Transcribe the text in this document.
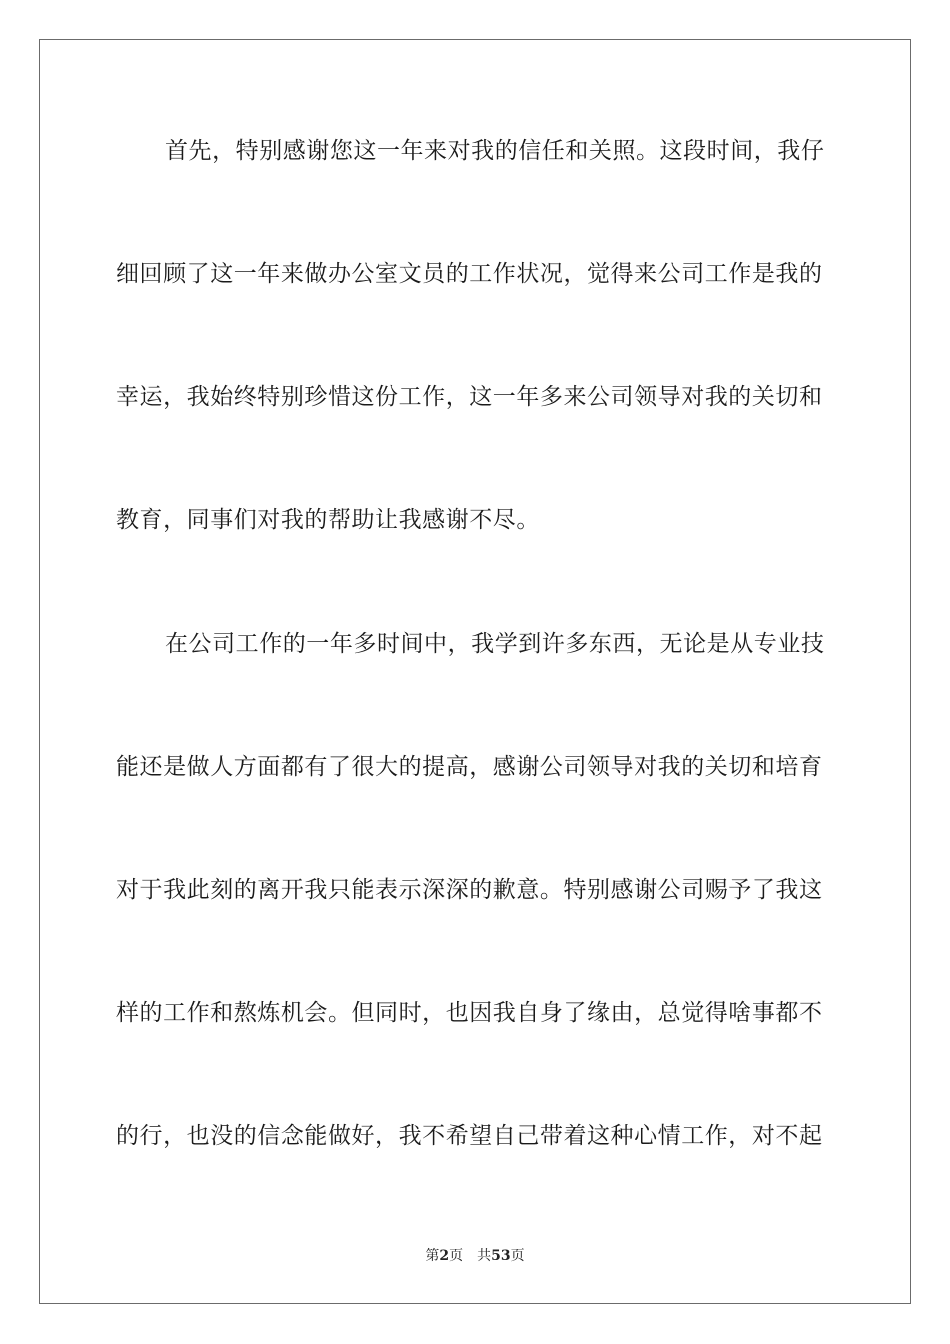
首先，特别感谢您这一年来对我的信任和关照。这段时间，我仔
细回顾了这一年来做办公室文员的工作状况，觉得来公司工作是我的
幸运，我始终特别珍惜这份工作，这一年多来公司领导对我的关切和
教育，同事们对我的帮助让我感谢不尽。
在公司工作的一年多时间中，我学到许多东西，无论是从专业技
能还是做人方面都有了很大的提高，感谢公司领导对我的关切和培育
对于我此刻的离开我只能表示深深的歉意。特别感谢公司赐予了我这
样的工作和熬炼机会。但同时，也因我自身了缘由，总觉得啥事都不
的行，也没的信念能做好，我不希望自己带着这种心情工作，对不起
第2页 共53页
